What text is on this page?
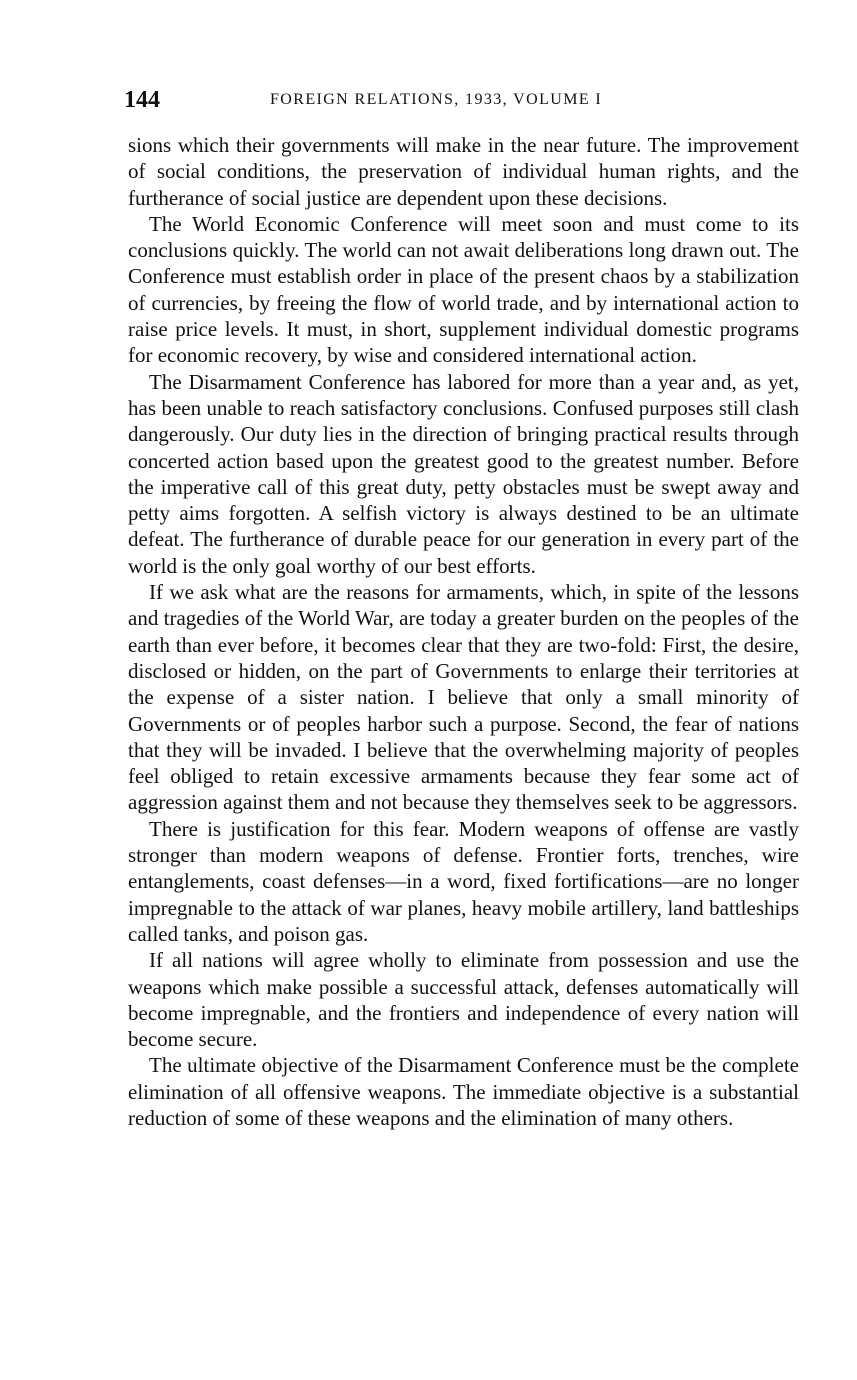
144	FOREIGN RELATIONS, 1933, VOLUME I

sions which their governments will make in the near future. The improvement of social conditions, the preservation of individual human rights, and the furtherance of social justice are dependent upon these decisions.

The World Economic Conference will meet soon and must come to its conclusions quickly. The world can not await deliberations long drawn out. The Conference must establish order in place of the present chaos by a stabilization of currencies, by freeing the flow of world trade, and by international action to raise price levels. It must, in short, supplement individual domestic programs for economic recovery, by wise and considered international action.

The Disarmament Conference has labored for more than a year and, as yet, has been unable to reach satisfactory conclusions. Confused purposes still clash dangerously. Our duty lies in the direction of bringing practical results through concerted action based upon the greatest good to the greatest number. Before the imperative call of this great duty, petty obstacles must be swept away and petty aims forgotten. A selfish victory is always destined to be an ultimate defeat. The furtherance of durable peace for our generation in every part of the world is the only goal worthy of our best efforts.

If we ask what are the reasons for armaments, which, in spite of the lessons and tragedies of the World War, are today a greater burden on the peoples of the earth than ever before, it becomes clear that they are two-fold: First, the desire, disclosed or hidden, on the part of Governments to enlarge their territories at the expense of a sister nation. I believe that only a small minority of Governments or of peoples harbor such a purpose. Second, the fear of nations that they will be invaded. I believe that the overwhelming majority of peoples feel obliged to retain excessive armaments because they fear some act of aggression against them and not because they themselves seek to be aggressors.

There is justification for this fear. Modern weapons of offense are vastly stronger than modern weapons of defense. Frontier forts, trenches, wire entanglements, coast defenses—in a word, fixed fortifications—are no longer impregnable to the attack of war planes, heavy mobile artillery, land battleships called tanks, and poison gas.

If all nations will agree wholly to eliminate from possession and use the weapons which make possible a successful attack, defenses automatically will become impregnable, and the frontiers and independence of every nation will become secure.

The ultimate objective of the Disarmament Conference must be the complete elimination of all offensive weapons. The immediate objective is a substantial reduction of some of these weapons and the elimination of many others.
